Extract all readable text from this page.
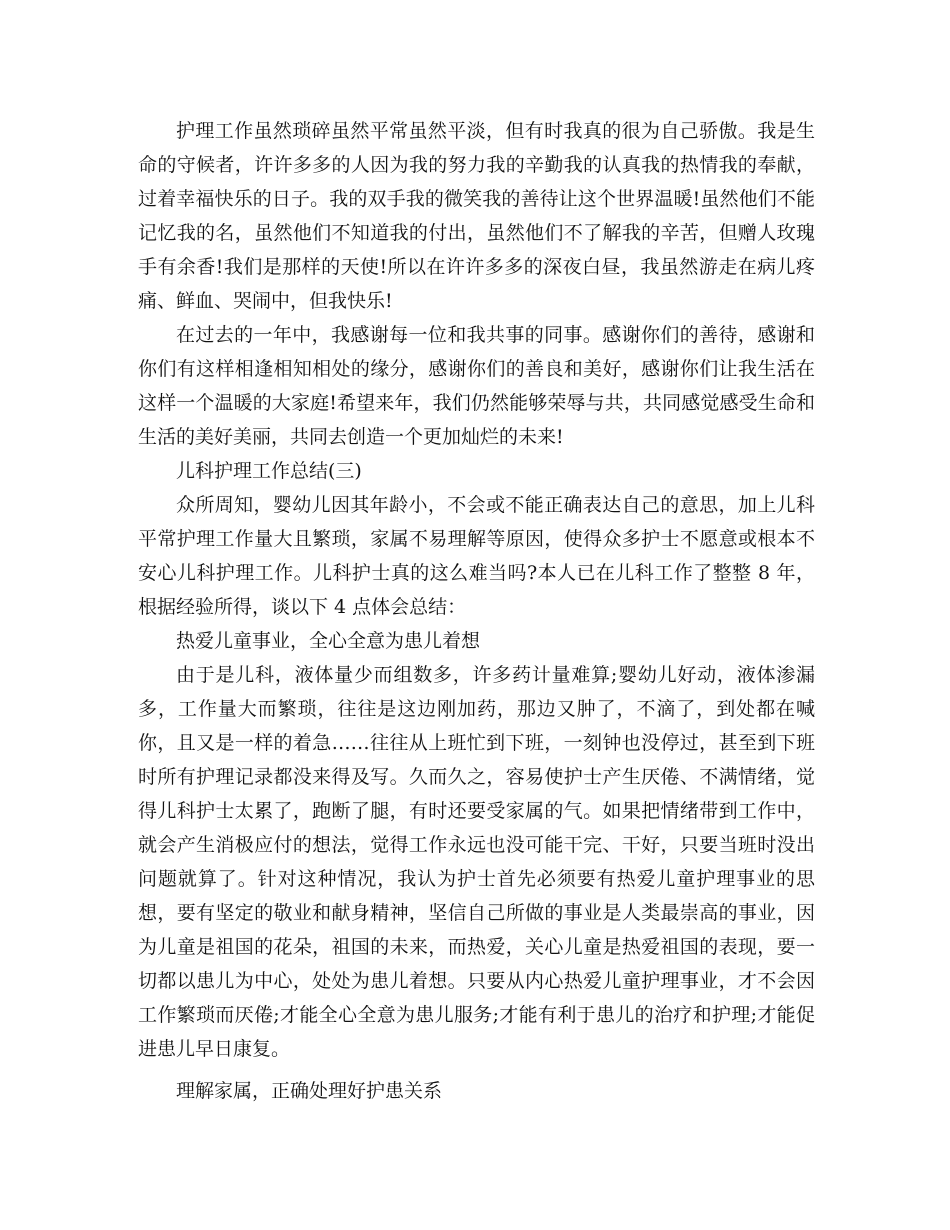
护理工作虽然琐碎虽然平常虽然平淡，但有时我真的很为自己骄傲。我是生命的守候者，许许多多的人因为我的努力我的辛勤我的认真我的热情我的奉献，过着幸福快乐的日子。我的双手我的微笑我的善待让这个世界温暖!虽然他们不能记忆我的名，虽然他们不知道我的付出，虽然他们不了解我的辛苦，但赠人玫瑰手有余香!我们是那样的天使!所以在许许多多的深夜白昼，我虽然游走在病儿疼痛、鲜血、哭闹中，但我快乐!

在过去的一年中，我感谢每一位和我共事的同事。感谢你们的善待，感谢和你们有这样相逢相知相处的缘分，感谢你们的善良和美好，感谢你们让我生活在这样一个温暖的大家庭!希望来年，我们仍然能够荣辱与共，共同感觉感受生命和生活的美好美丽，共同去创造一个更加灿烂的未来!

儿科护理工作总结(三)

众所周知，婴幼儿因其年龄小，不会或不能正确表达自己的意思，加上儿科平常护理工作量大且繁琐，家属不易理解等原因，使得众多护士不愿意或根本不安心儿科护理工作。儿科护士真的这么难当吗?本人已在儿科工作了整整 8 年，根据经验所得，谈以下 4 点体会总结：

热爱儿童事业，全心全意为患儿着想

由于是儿科，液体量少而组数多，许多药计量难算;婴幼儿好动，液体渗漏多，工作量大而繁琐，往往是这边刚加药，那边又肿了，不滴了，到处都在喊你，且又是一样的着急……往往从上班忙到下班，一刻钟也没停过，甚至到下班时所有护理记录都没来得及写。久而久之，容易使护士产生厌倦、不满情绪，觉得儿科护士太累了，跑断了腿，有时还要受家属的气。如果把情绪带到工作中，就会产生消极应付的想法，觉得工作永远也没可能干完、干好，只要当班时没出问题就算了。针对这种情况，我认为护士首先必须要有热爱儿童护理事业的思想，要有坚定的敬业和献身精神，坚信自己所做的事业是人类最崇高的事业，因为儿童是祖国的花朵，祖国的未来，而热爱，关心儿童是热爱祖国的表现，要一切都以患儿为中心，处处为患儿着想。只要从内心热爱儿童护理事业，才不会因工作繁琐而厌倦;才能全心全意为患儿服务;才能有利于患儿的治疗和护理;才能促进患儿早日康复。

理解家属，正确处理好护患关系
